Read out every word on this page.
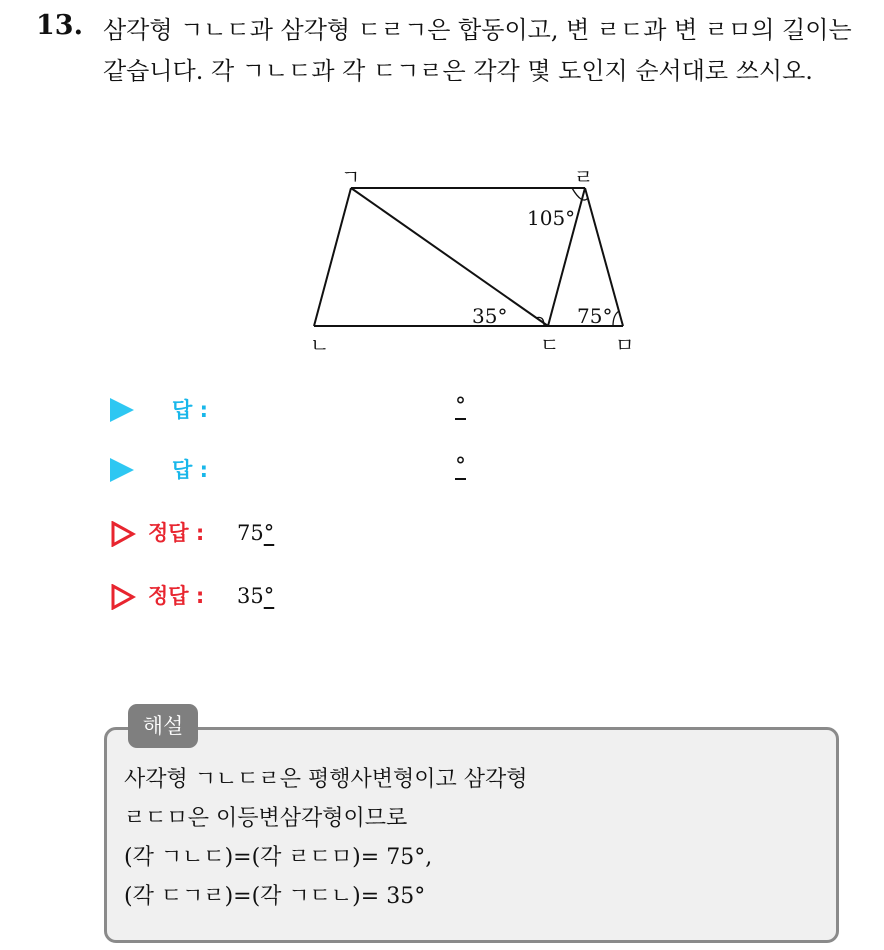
13. 삼각형 ㄱㄴㄷ과 삼각형 ㄷㄹㄱ은 합동이고, 변 ㄹㄷ과 변 ㄹㅁ의 길이는 같습니다. 각 ㄱㄴㄷ과 각 ㄷㄱㄹ은 각각 몇 도인지 순서대로 쓰시오.
ㄱ
ㄴ	ㄷ
ㄹ
ㅁ
105°
35°	75°
답 :	°
답 :	°
정답 : 75°
정답 : 35°
해설
사각형 ㄱㄴㄷㄹ은 평행사변형이고 삼각형
ㄹㄷㅁ은 이등변삼각형이므로
(각 ㄱㄴㄷ)=(각 ㄹㄷㅁ)= 75°,
(각 ㄷㄱㄹ)=(각 ㄱㄷㄴ)= 35°
